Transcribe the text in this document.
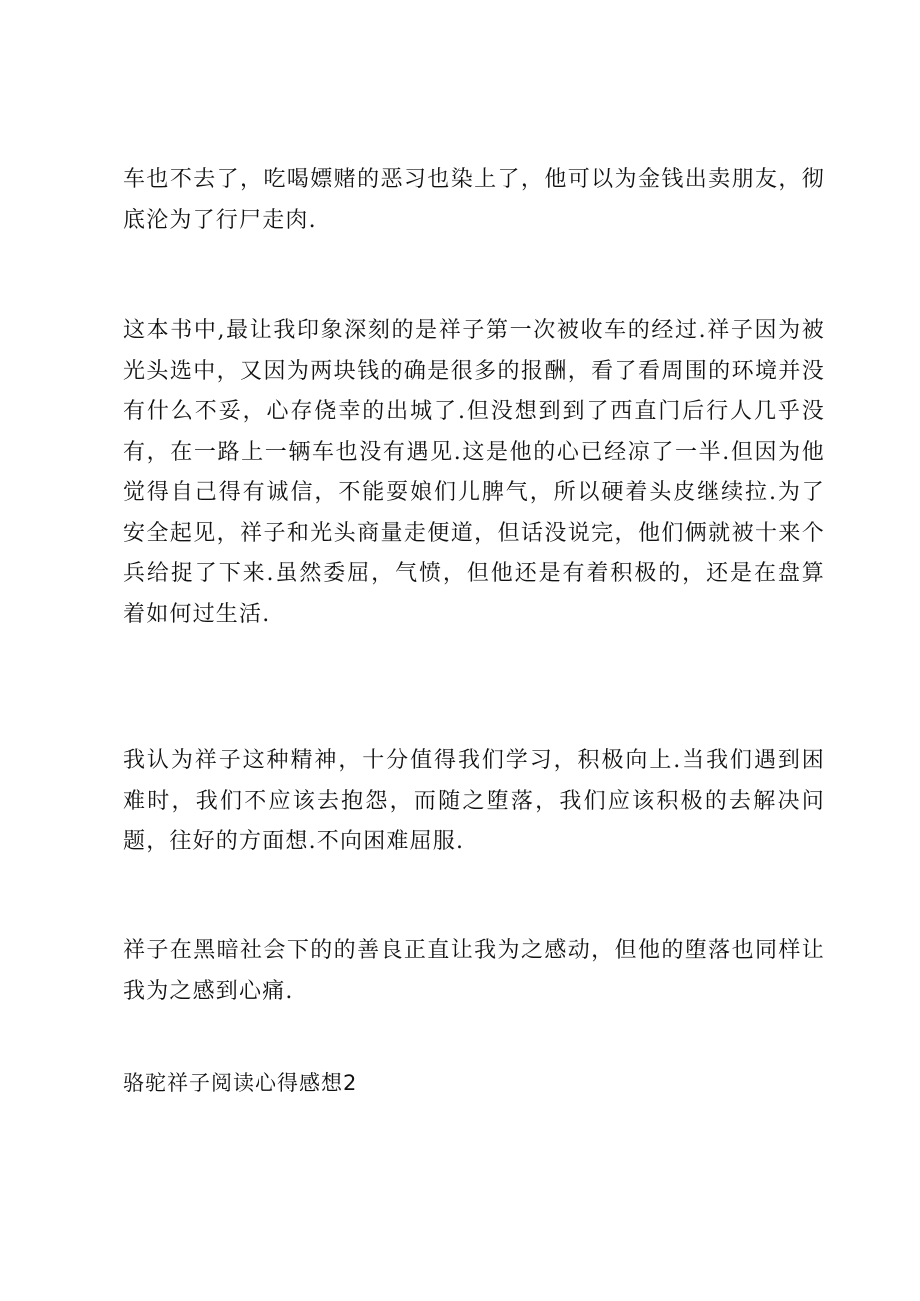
车也不去了，吃喝嫖赌的恶习也染上了，他可以为金钱出卖朋友，彻底沦为了行尸走肉.

这本书中,最让我印象深刻的是祥子第一次被收车的经过.祥子因为被光头选中，又因为两块钱的确是很多的报酬，看了看周围的环境并没有什么不妥，心存侥幸的出城了.但没想到到了西直门后行人几乎没有，在一路上一辆车也没有遇见.这是他的心已经凉了一半.但因为他觉得自己得有诚信，不能耍娘们儿脾气，所以硬着头皮继续拉.为了安全起见，祥子和光头商量走便道，但话没说完，他们俩就被十来个兵给捉了下来.虽然委屈，气愤，但他还是有着积极的，还是在盘算着如何过生活.

我认为祥子这种精神，十分值得我们学习，积极向上.当我们遇到困难时，我们不应该去抱怨，而随之堕落，我们应该积极的去解决问题，往好的方面想.不向困难屈服.

祥子在黑暗社会下的的善良正直让我为之感动，但他的堕落也同样让我为之感到心痛.

骆驼祥子阅读心得感想2
